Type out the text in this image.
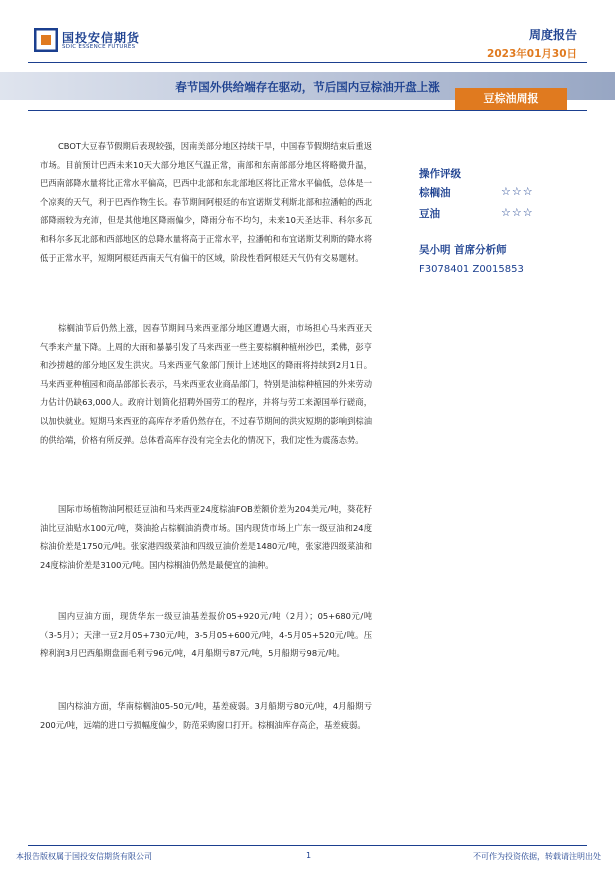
国投安信期货
SDIC ESSENCE FUTURES
周度报告
2023年01月30日
春节国外供给端存在驱动，节后国内豆棕油开盘上涨
豆棕油周报

CBOT大豆春节假期后表现较强，因南美部分地区持续干旱，中国春节假期结束后重返市场。目前预计巴西未来10天大部分地区气温正常，南部和东南部部分地区将略微升温，巴西南部降水量将比正常水平偏高，巴西中北部和东北部地区将比正常水平偏低，总体是一个凉爽的天气，利于巴西作物生长。春节期间阿根廷的布宜诺斯艾利斯北部和拉潘帕的西北部降雨较为充沛，但是其他地区降雨偏少，降雨分布不均匀，未来10天圣达菲、科尔多瓦和科尔多瓦北部和西部地区的总降水量将高于正常水平，拉潘帕和布宜诺斯艾利斯的降水将低于正常水平，短期阿根廷西南天气有偏干的区域，阶段性看阿根廷天气仍有交易题材。

棕榈油节后仍然上涨，因春节期间马来西亚部分地区遭遇大雨，市场担心马来西亚天气季来产量下降。上周的大雨和暴暴引发了马来西亚一些主要棕榈种植州沙巴，柔佛，彭亨和沙捞越的部分地区发生洪灾。马来西亚气象部门预计上述地区的降雨将持续到2月1日。马来西亚种植园和商品部部长表示，马来西亚农业商品部门，特别是油棕种植园的外来劳动力估计仍缺63,000人。政府计划简化招聘外国劳工的程序，并将与劳工来源国举行磋商，以加快就业。短期马来西亚的高库存矛盾仍然存在，不过春节期间的洪灾短期的影响到棕油的供给端，价格有所反弹。总体看高库存没有完全去化的情况下，我们定性为震荡态势。

国际市场植物油阿根廷豆油和马来西亚24度棕油FOB差额价差为204美元/吨，葵花籽油比豆油贴水100元/吨，葵油抢占棕榈油消费市场。国内现货市场上广东一级豆油和24度棕油价差是1750元/吨。张家港四级菜油和四级豆油价差是1480元/吨，张家港四级菜油和24度棕油价差是3100元/吨。国内棕榈油仍然是最便宜的油种。

国内豆油方面，现货华东一级豆油基差报价05+920元/吨（2月）；05+680元/吨　（3-5月）；天津一豆2月05+730元/吨，3-5月05+600元/吨，4-5月05+520元/吨。压榨利润3月巴西船期盘面毛利亏96元/吨，4月船期亏87元/吨，5月船期亏98元/吨。

国内棕油方面，华南棕榈油05-50元/吨，基差疲弱。3月船期亏80元/吨，4月船期亏200元/吨，远端的进口亏损幅度偏少，防范采购窗口打开。棕榈油库存高企，基差疲弱。

操作评级
棕榈油	☆☆☆
豆油	☆☆☆
吴小明 首席分析师
F3078401 Z0015853
本报告版权属于国投安信期货有限公司	1	不可作为投资依据，转载请注明出处
